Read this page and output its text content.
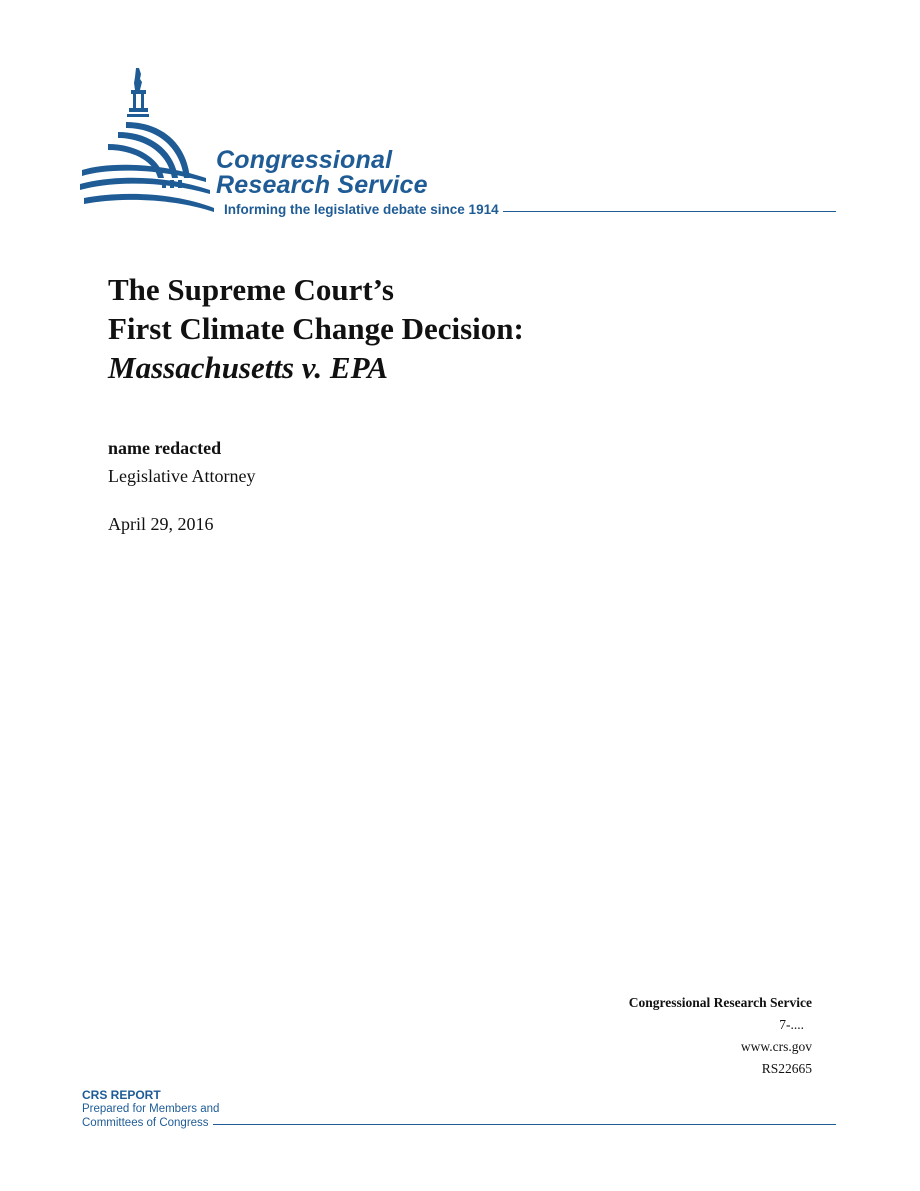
Congressional
Research Service
Informing the legislative debate since 1914
The Supreme Court’s
First Climate Change Decision:
Massachusetts v. EPA
name redacted
Legislative Attorney
April 29, 2016
Congressional Research Service
7-....
www.crs.gov
RS22665
CRS REPORT
Prepared for Members and
Committees of Congress
